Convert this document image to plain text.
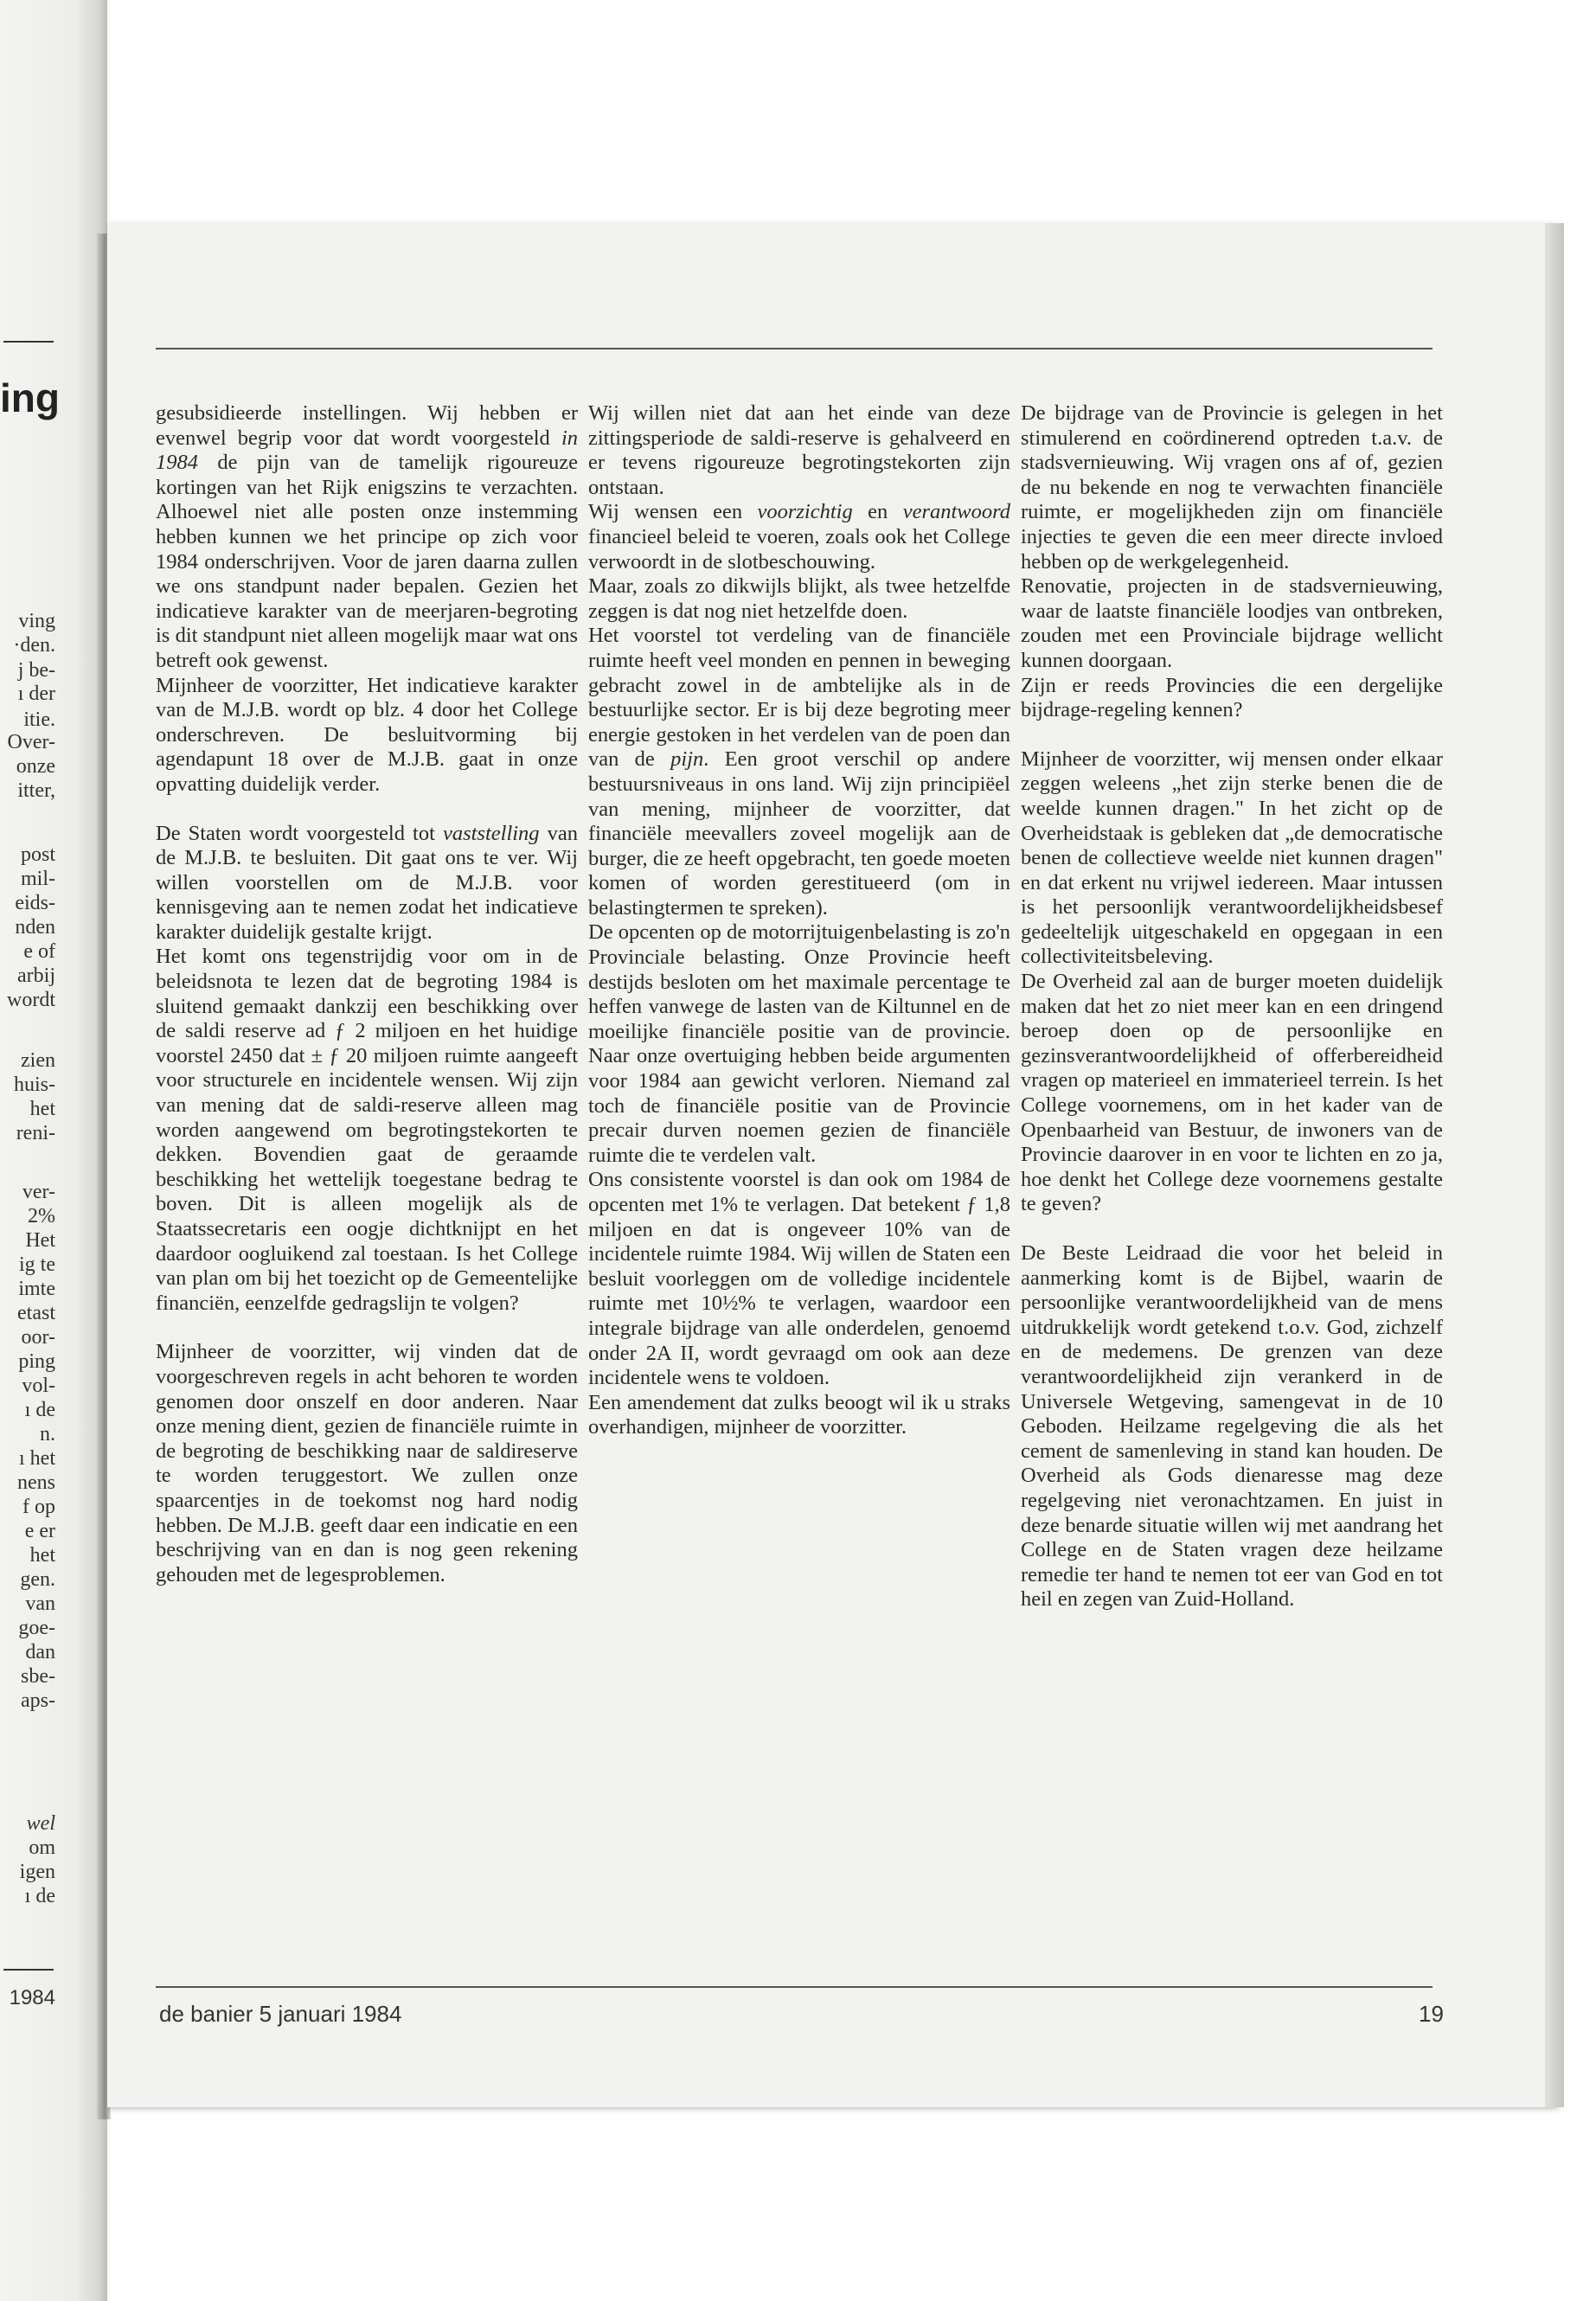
ing
ving
·den.
j be-
ı der
itie.
Over-
onze
itter,
post
mil-
eids-
nden
e of
arbij
wordt
zien
huis-
het
reni-
ver-
2%
Het
ig te
imte
etast
oor-
ping
vol-
ı de
n.
ı het
nens
f op
e er
het
gen.
van
goe-
dan
sbe-
aps-
wel
om
igen
ı de
1984

gesubsidieerde instellingen. Wij hebben er evenwel begrip voor dat wordt voorgesteld in 1984 de pijn van de tamelijk rigoureuze kortingen van het Rijk enigszins te verzachten. Alhoewel niet alle posten onze instemming hebben kunnen we het principe op zich voor 1984 onderschrijven. Voor de jaren daarna zullen we ons standpunt nader bepalen. Gezien het indicatieve karakter van de meerjaren-begroting is dit standpunt niet alleen mogelijk maar wat ons betreft ook gewenst.

Mijnheer de voorzitter, Het indicatieve karakter van de M.J.B. wordt op blz. 4 door het College onderschreven. De besluitvorming bij agendapunt 18 over de M.J.B. gaat in onze opvatting duidelijk verder.

De Staten wordt voorgesteld tot vaststelling van de M.J.B. te besluiten. Dit gaat ons te ver. Wij willen voorstellen om de M.J.B. voor kennisgeving aan te nemen zodat het indicatieve karakter duidelijk gestalte krijgt.

Het komt ons tegenstrijdig voor om in de beleidsnota te lezen dat de begroting 1984 is sluitend gemaakt dankzij een beschikking over de saldi reserve ad ƒ 2 miljoen en het huidige voorstel 2450 dat ± ƒ 20 miljoen ruimte aangeeft voor structurele en incidentele wensen. Wij zijn van mening dat de saldi-reserve alleen mag worden aangewend om begrotingstekorten te dekken. Bovendien gaat de geraamde beschikking het wettelijk toegestane bedrag te boven. Dit is alleen mogelijk als de Staatssecretaris een oogje dichtknijpt en het daardoor oogluikend zal toestaan. Is het College van plan om bij het toezicht op de Gemeentelijke financiën, eenzelfde gedragslijn te volgen?

Mijnheer de voorzitter, wij vinden dat de voorgeschreven regels in acht behoren te worden genomen door onszelf en door anderen. Naar onze mening dient, gezien de financiële ruimte in de begroting de beschikking naar de saldireserve te worden teruggestort. We zullen onze spaarcentjes in de toekomst nog hard nodig hebben. De M.J.B. geeft daar een indicatie en een beschrijving van en dan is nog geen rekening gehouden met de legesproblemen.

Wij willen niet dat aan het einde van deze zittingsperiode de saldi-reserve is gehalveerd en er tevens rigoureuze begrotingstekorten zijn ontstaan.

Wij wensen een voorzichtig en verantwoord financieel beleid te voeren, zoals ook het College verwoordt in de slotbeschouwing.

Maar, zoals zo dikwijls blijkt, als twee hetzelfde zeggen is dat nog niet hetzelfde doen.

Het voorstel tot verdeling van de financiële ruimte heeft veel monden en pennen in beweging gebracht zowel in de ambtelijke als in de bestuurlijke sector. Er is bij deze begroting meer energie gestoken in het verdelen van de poen dan van de pijn. Een groot verschil op andere bestuursniveaus in ons land. Wij zijn principiëel van mening, mijnheer de voorzitter, dat financiële meevallers zoveel mogelijk aan de burger, die ze heeft opgebracht, ten goede moeten komen of worden gerestitueerd (om in belastingtermen te spreken).

De opcenten op de motorrijtuigenbelasting is zo'n Provinciale belasting. Onze Provincie heeft destijds besloten om het maximale percentage te heffen vanwege de lasten van de Kiltunnel en de moeilijke financiële positie van de provincie. Naar onze overtuiging hebben beide argumenten voor 1984 aan gewicht verloren. Niemand zal toch de financiële positie van de Provincie precair durven noemen gezien de financiële ruimte die te verdelen valt.

Ons consistente voorstel is dan ook om 1984 de opcenten met 1% te verlagen. Dat betekent ƒ 1,8 miljoen en dat is ongeveer 10% van de incidentele ruimte 1984. Wij willen de Staten een besluit voorleggen om de volledige incidentele ruimte met 10½% te verlagen, waardoor een integrale bijdrage van alle onderdelen, genoemd onder 2A II, wordt gevraagd om ook aan deze incidentele wens te voldoen.

Een amendement dat zulks beoogt wil ik u straks overhandigen, mijnheer de voorzitter.

De bijdrage van de Provincie is gelegen in het stimulerend en coördinerend optreden t.a.v. de stadsvernieuwing. Wij vragen ons af of, gezien de nu bekende en nog te verwachten financiële ruimte, er mogelijkheden zijn om financiële injecties te geven die een meer directe invloed hebben op de werkgelegenheid.

Renovatie, projecten in de stadsvernieuwing, waar de laatste financiële loodjes van ontbreken, zouden met een Provinciale bijdrage wellicht kunnen doorgaan.

Zijn er reeds Provincies die een dergelijke bijdrage-regeling kennen?

Mijnheer de voorzitter, wij mensen onder elkaar zeggen weleens „het zijn sterke benen die de weelde kunnen dragen." In het zicht op de Overheidstaak is gebleken dat „de democratische benen de collectieve weelde niet kunnen dragen" en dat erkent nu vrijwel iedereen. Maar intussen is het persoonlijk verantwoordelijkheidsbesef gedeeltelijk uitgeschakeld en opgegaan in een collectiviteitsbeleving.

De Overheid zal aan de burger moeten duidelijk maken dat het zo niet meer kan en een dringend beroep doen op de persoonlijke en gezinsverantwoordelijkheid of offerbereidheid vragen op materieel en immaterieel terrein. Is het College voornemens, om in het kader van de Openbaarheid van Bestuur, de inwoners van de Provincie daarover in en voor te lichten en zo ja, hoe denkt het College deze voornemens gestalte te geven?

De Beste Leidraad die voor het beleid in aanmerking komt is de Bijbel, waarin de persoonlijke verantwoordelijkheid van de mens uitdrukkelijk wordt getekend t.o.v. God, zichzelf en de medemens. De grenzen van deze verantwoordelijkheid zijn verankerd in de Universele Wetgeving, samengevat in de 10 Geboden. Heilzame regelgeving die als het cement de samenleving in stand kan houden. De Overheid als Gods dienaresse mag deze regelgeving niet veronachtzamen. En juist in deze benarde situatie willen wij met aandrang het College en de Staten vragen deze heilzame remedie ter hand te nemen tot eer van God en tot heil en zegen van Zuid-Holland.

de banier 5 januari 1984	19
